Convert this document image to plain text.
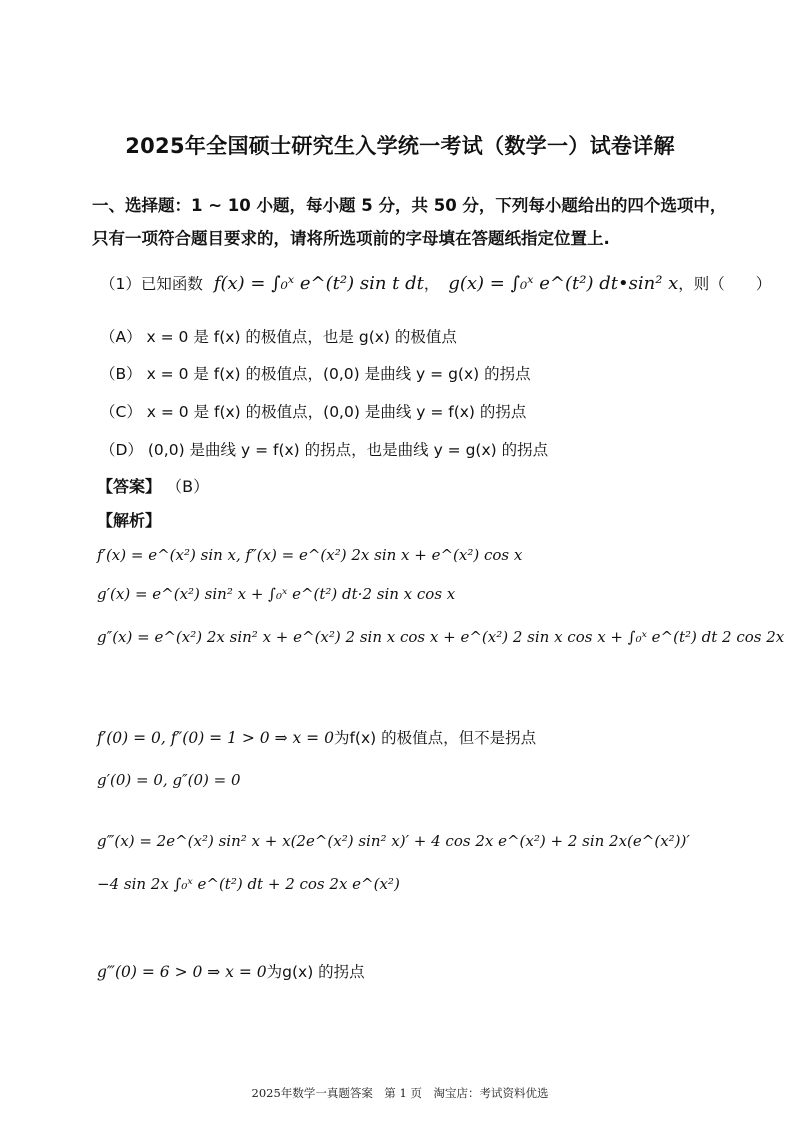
2025年全国硕士研究生入学统一考试（数学一）试卷详解
一、选择题：1 ~ 10 小题，每小题 5 分，共 50 分，下列每小题给出的四个选项中，
只有一项符合题目要求的，请将所选项前的字母填在答题纸指定位置上.
（1）已知函数 f(x) = ∫₀ˣ e^(t²) sin t dt， g(x) = ∫₀ˣ e^(t²) dt•sin² x，则（　　）
（A） x = 0 是 f(x) 的极值点，也是 g(x) 的极值点
（B） x = 0 是 f(x) 的极值点，(0,0) 是曲线 y = g(x) 的拐点
（C） x = 0 是 f(x) 的极值点，(0,0) 是曲线 y = f(x) 的拐点
（D） (0,0) 是曲线 y = f(x) 的拐点，也是曲线 y = g(x) 的拐点
【答案】 （B）
【解析】
f′(x) = e^(x²) sin x, f″(x) = e^(x²) 2x sin x + e^(x²) cos x
g′(x) = e^(x²) sin² x + ∫₀ˣ e^(t²) dt·2 sin x cos x
g″(x) = e^(x²) 2x sin² x + e^(x²) 2 sin x cos x + e^(x²) 2 sin x cos x + ∫₀ˣ e^(t²) dt 2 cos 2x
f′(0) = 0, f″(0) = 1 > 0 ⇒ x = 0为f(x) 的极值点，但不是拐点
g′(0) = 0, g″(0) = 0
g‴(x) = 2e^(x²) sin² x + x(2e^(x²) sin² x)′ + 4 cos 2x e^(x²) + 2 sin 2x(e^(x²))′
−4 sin 2x ∫₀ˣ e^(t²) dt + 2 cos 2x e^(x²)
g‴(0) = 6 > 0 ⇒ x = 0为g(x) 的拐点
2025年数学一真题答案　第 1 页　淘宝店：考试资料优选
